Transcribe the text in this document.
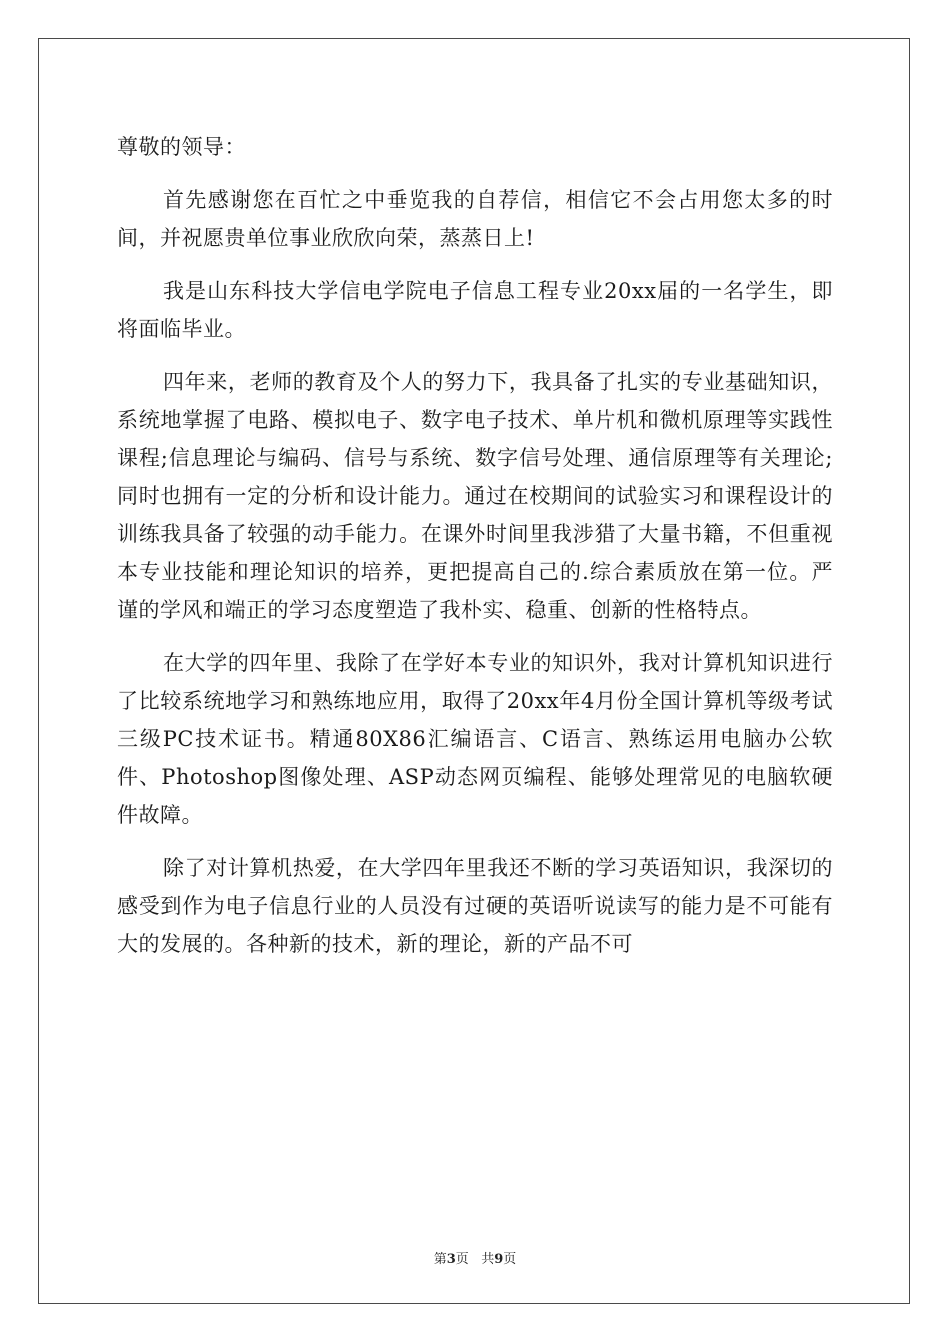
尊敬的领导：

首先感谢您在百忙之中垂览我的自荐信，相信它不会占用您太多的时间，并祝愿贵单位事业欣欣向荣，蒸蒸日上!

我是山东科技大学信电学院电子信息工程专业20xx届的一名学生，即将面临毕业。

四年来，老师的教育及个人的努力下，我具备了扎实的专业基础知识，系统地掌握了电路、模拟电子、数字电子技术、单片机和微机原理等实践性课程;信息理论与编码、信号与系统、数字信号处理、通信原理等有关理论;同时也拥有一定的分析和设计能力。通过在校期间的试验实习和课程设计的训练我具备了较强的动手能力。在课外时间里我涉猎了大量书籍，不但重视本专业技能和理论知识的培养，更把提高自己的.综合素质放在第一位。严谨的学风和端正的学习态度塑造了我朴实、稳重、创新的性格特点。

在大学的四年里、我除了在学好本专业的知识外，我对计算机知识进行了比较系统地学习和熟练地应用，取得了20xx年4月份全国计算机等级考试三级PC技术证书。精通80X86汇编语言、C语言、熟练运用电脑办公软件、Photoshop图像处理、ASP动态网页编程、能够处理常见的电脑软硬件故障。

除了对计算机热爱，在大学四年里我还不断的学习英语知识，我深切的感受到作为电子信息行业的人员没有过硬的英语听说读写的能力是不可能有大的发展的。各种新的技术，新的理论，新的产品不可

第3页 共9页
